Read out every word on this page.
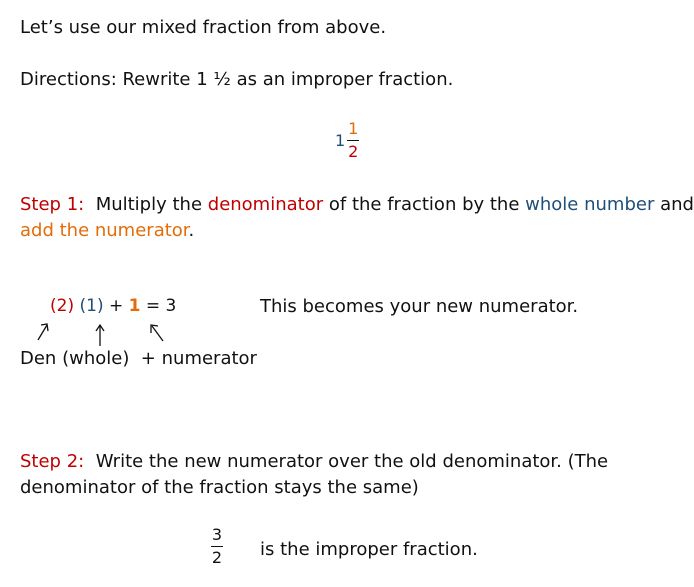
Let’s use our mixed fraction from above.
Directions: Rewrite 1 ½ as an improper fraction.
1
1
2
Step 1: Multiply the denominator of the fraction by the whole number and
add the numerator.
(2) (1) + 1 = 3	This becomes your new numerator.
Den (whole) + numerator
Step 2: Write the new numerator over the old denominator. (The
denominator of the fraction stays the same)
3
2 is the improper fraction.
